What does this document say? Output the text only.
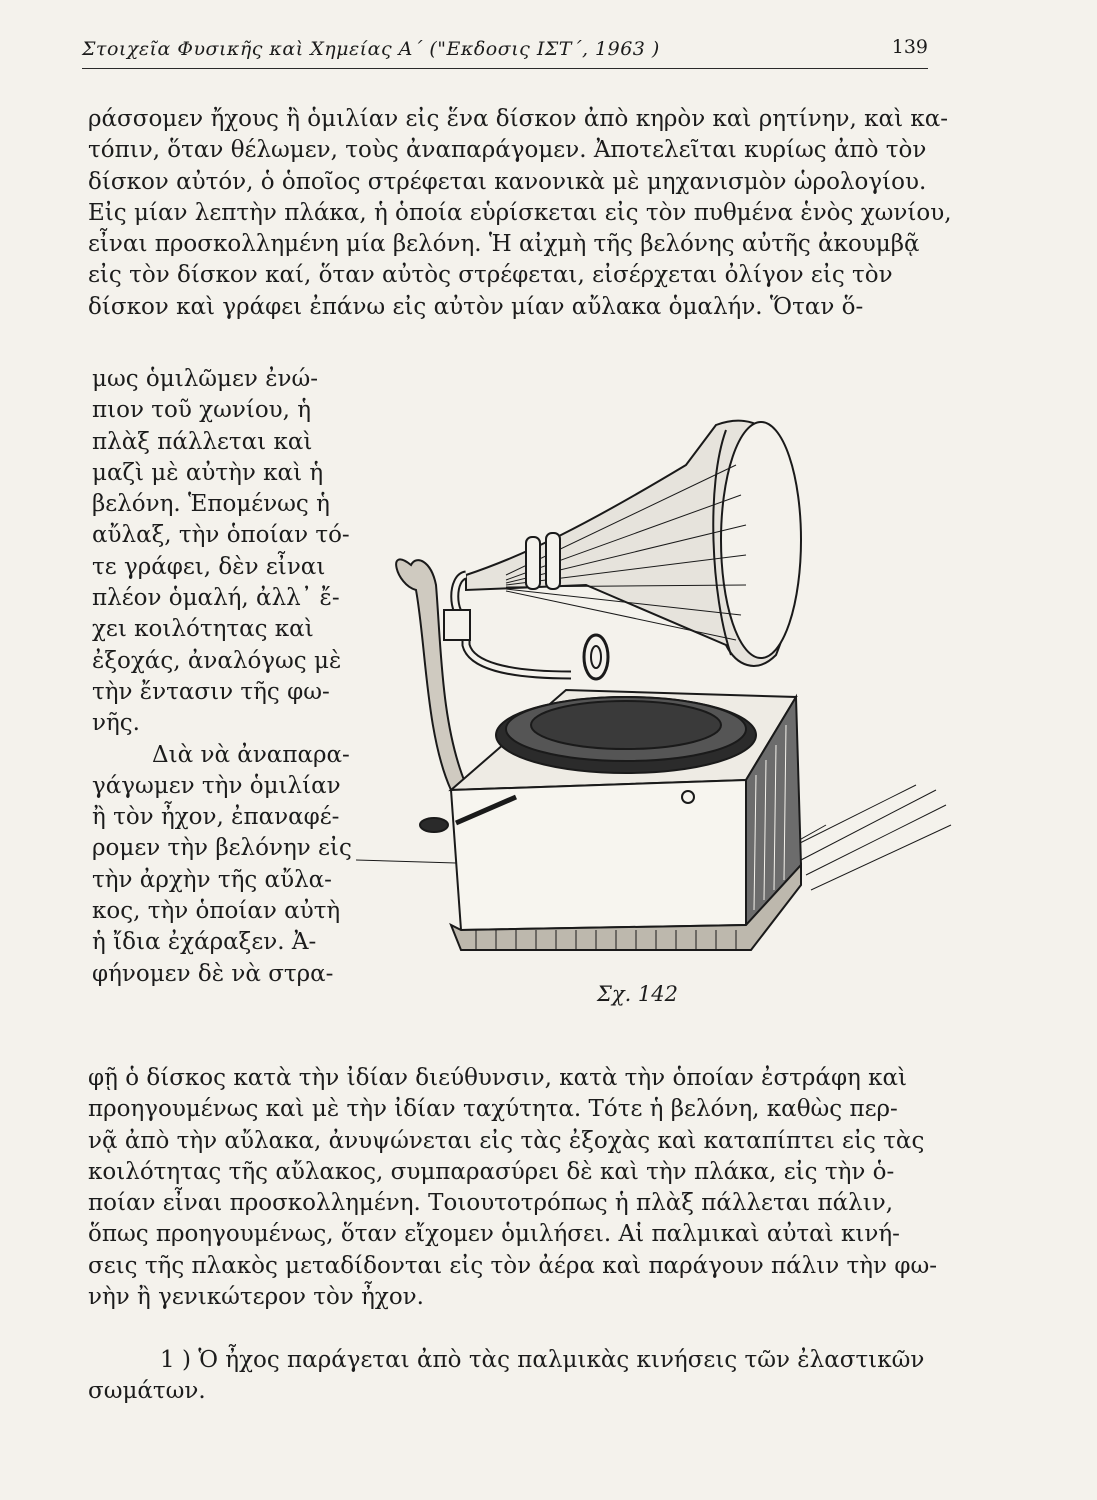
Στοιχεῖα Φυσικῆς καὶ Χημείας Α΄ ("Εκδοσις ΙΣΤ΄, 1963 )	139
ράσσομεν ἤχους ἢ ὁμιλίαν εἰς ἕνα δίσκον ἀπὸ κηρὸν καὶ ρητίνην, καὶ κα-
τόπιν, ὅταν θέλωμεν, τοὺς ἀναπαράγομεν. Ἀποτελεῖται κυρίως ἀπὸ τὸν
δίσκον αὐτόν, ὁ ὁποῖος στρέφεται κανονικὰ μὲ μηχανισμὸν ὡρολογίου.
Εἰς μίαν λεπτὴν πλάκα, ἡ ὁποία εὑρίσκεται εἰς τὸν πυθμένα ἑνὸς χωνίου,
εἶναι προσκολλημένη μία βελόνη. Ἡ αἰχμὴ τῆς βελόνης αὐτῆς ἀκουμβᾷ
εἰς τὸν δίσκον καί, ὅταν αὐτὸς στρέφεται, εἰσέρχεται ὀλίγον εἰς τὸν
δίσκον καὶ γράφει ἐπάνω εἰς αὐτὸν μίαν αὔλακα ὁμαλήν. Ὅταν ὅ-
μως ὁμιλῶμεν ἐνώ-
πιον τοῦ χωνίου, ἡ
πλὰξ πάλλεται καὶ
μαζὶ μὲ αὐτὴν καὶ ἡ
βελόνη. Ἑπομένως ἡ
αὔλαξ, τὴν ὁποίαν τό-
τε γράφει, δὲν εἶναι
πλέον ὁμαλή, ἀλλ᾽ ἔ-
χει κοιλότητας καὶ
ἐξοχάς, ἀναλόγως μὲ
τὴν ἔντασιν τῆς φω-
νῆς.
Διὰ νὰ ἀναπαρα-
γάγωμεν τὴν ὁμιλίαν
ἢ τὸν ἦχον, ἐπαναφέ-
ρομεν τὴν βελόνην εἰς
τὴν ἀρχὴν τῆς αὔλα-
κος, τὴν ὁποίαν αὐτὴ
ἡ ἴδια ἐχάραξεν. Ἀ-
φήνομεν δὲ νὰ στρα-
Σχ. 142
φῇ ὁ δίσκος κατὰ τὴν ἰδίαν διεύθυνσιν, κατὰ τὴν ὁποίαν ἐστράφη καὶ
προηγουμένως καὶ μὲ τὴν ἰδίαν ταχύτητα. Τότε ἡ βελόνη, καθὼς περ-
νᾷ ἀπὸ τὴν αὔλακα, ἀνυψώνεται εἰς τὰς ἐξοχὰς καὶ καταπίπτει εἰς τὰς
κοιλότητας τῆς αὔλακος, συμπαρασύρει δὲ καὶ τὴν πλάκα, εἰς τὴν ὁ-
ποίαν εἶναι προσκολλημένη. Τοιουτοτρόπως ἡ πλὰξ πάλλεται πάλιν,
ὅπως προηγουμένως, ὅταν εἴχομεν ὁμιλήσει. Αἱ παλμικαὶ αὐταὶ κινή-
σεις τῆς πλακὸς μεταδίδονται εἰς τὸν ἀέρα καὶ παράγουν πάλιν τὴν φω-
νὴν ἢ γενικώτερον τὸν ἦχον.
1 ) Ὁ ἦχος παράγεται ἀπὸ τὰς παλμικὰς κινήσεις τῶν ἐλαστικῶν
σωμάτων.
